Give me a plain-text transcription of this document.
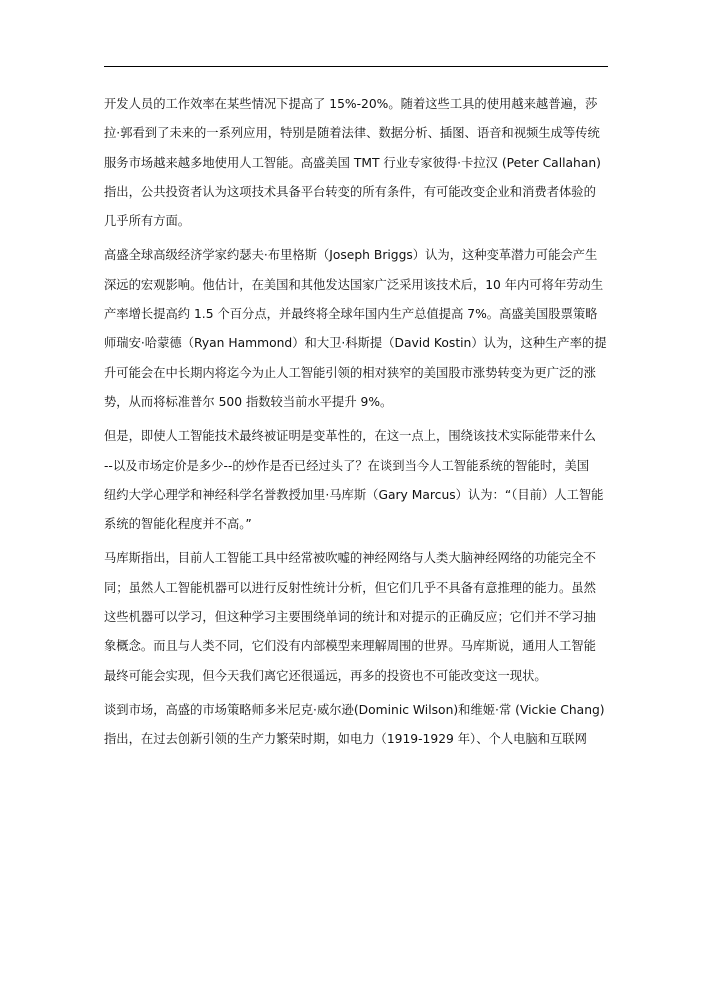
开发人员的工作效率在某些情况下提高了 15%-20%。随着这些工具的使用越来越普遍，莎
拉·郭看到了未来的一系列应用，特别是随着法律、数据分析、插图、语音和视频生成等传统
服务市场越来越多地使用人工智能。高盛美国 TMT 行业专家彼得·卡拉汉 (Peter Callahan)
指出，公共投资者认为这项技术具备平台转变的所有条件，有可能改变企业和消费者体验的
几乎所有方面。
高盛全球高级经济学家约瑟夫·布里格斯（Joseph Briggs）认为，这种变革潜力可能会产生
深远的宏观影响。他估计，在美国和其他发达国家广泛采用该技术后，10 年内可将年劳动生
产率增长提高约 1.5 个百分点，并最终将全球年国内生产总值提高 7%。高盛美国股票策略
师瑞安·哈蒙德（Ryan Hammond）和大卫·科斯提（David Kostin）认为，这种生产率的提
升可能会在中长期内将迄今为止人工智能引领的相对狭窄的美国股市涨势转变为更广泛的涨
势，从而将标准普尔 500 指数较当前水平提升 9%。
但是，即使人工智能技术最终被证明是变革性的，在这一点上，围绕该技术实际能带来什么
--以及市场定价是多少--的炒作是否已经过头了？在谈到当今人工智能系统的智能时，美国
纽约大学心理学和神经科学名誉教授加里·马库斯（Gary Marcus）认为：“（目前）人工智能
系统的智能化程度并不高。”
马库斯指出，目前人工智能工具中经常被吹嘘的神经网络与人类大脑神经网络的功能完全不
同；虽然人工智能机器可以进行反射性统计分析，但它们几乎不具备有意推理的能力。虽然
这些机器可以学习，但这种学习主要围绕单词的统计和对提示的正确反应；它们并不学习抽
象概念。而且与人类不同，它们没有内部模型来理解周围的世界。马库斯说，通用人工智能
最终可能会实现，但今天我们离它还很遥远，再多的投资也不可能改变这一现状。
谈到市场，高盛的市场策略师多米尼克·威尔逊(Dominic Wilson)和维姬·常 (Vickie Chang)
指出，在过去创新引领的生产力繁荣时期，如电力（1919-1929 年）、个人电脑和互联网
